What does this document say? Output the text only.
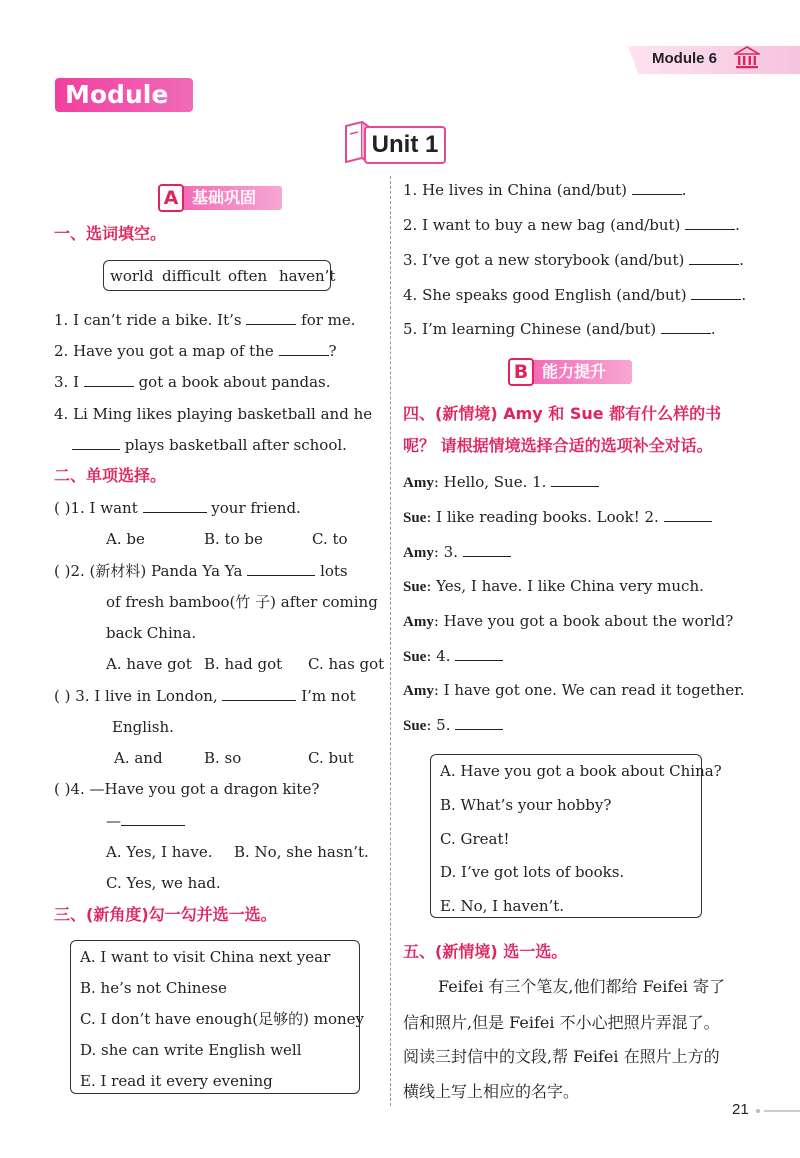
Module 6
Module 6
Unit 1
A 基础巩固
一、选词填空。
world difficult often haven’t
1. I can’t ride a bike. It’s	for me.
2. Have you got a map of the	?
3. I	got a book about pandas.
4. Li Ming likes playing basketball and he
plays basketball after school.
二、单项选择。
( )1. I want	your friend.
A. be	B. to be	C. to
( )2. (新材料) Panda Ya Ya	lots
of fresh bamboo(竹 子) after coming
back China.
A. have got B. had got C. has got
( ) 3. I live in London,	I’m not
English.
A. and	B. so	C. but
( )4. —Have you got a dragon kite?
—
A. Yes, I have. B. No, she hasn’t.
C. Yes, we had.
三、(新角度)勾一勾并选一选。
A. I want to visit China next year
B. he’s not Chinese
C. I don’t have enough(足够的) money
D. she can write English well
E. I read it every evening
1. He lives in China (and/but)	.
2. I want to buy a new bag (and/but)	.
3. I’ve got a new storybook (and/but)	.
4. She speaks good English (and/but)	.
5. I’m learning Chinese (and/but)	.
B 能力提升
四、(新情境) Amy 和 Sue 都有什么样的书
呢？ 请根据情境选择合适的选项补全对话。
Amy: Hello, Sue. 1.
Sue: I like reading books. Look! 2.
Amy: 3.
Sue: Yes, I have. I like China very much.
Amy: Have you got a book about the world?
Sue: 4.
Amy: I have got one. We can read it together.
Sue: 5.
A. Have you got a book about China?
B. What’s your hobby?
C. Great!
D. I’ve got lots of books.
E. No, I haven’t.
五、(新情境) 选一选。
Feifei 有三个笔友,他们都给 Feifei 寄了
信和照片,但是 Feifei 不小心把照片弄混了。
阅读三封信中的文段,帮 Feifei 在照片上方的
横线上写上相应的名字。
21
